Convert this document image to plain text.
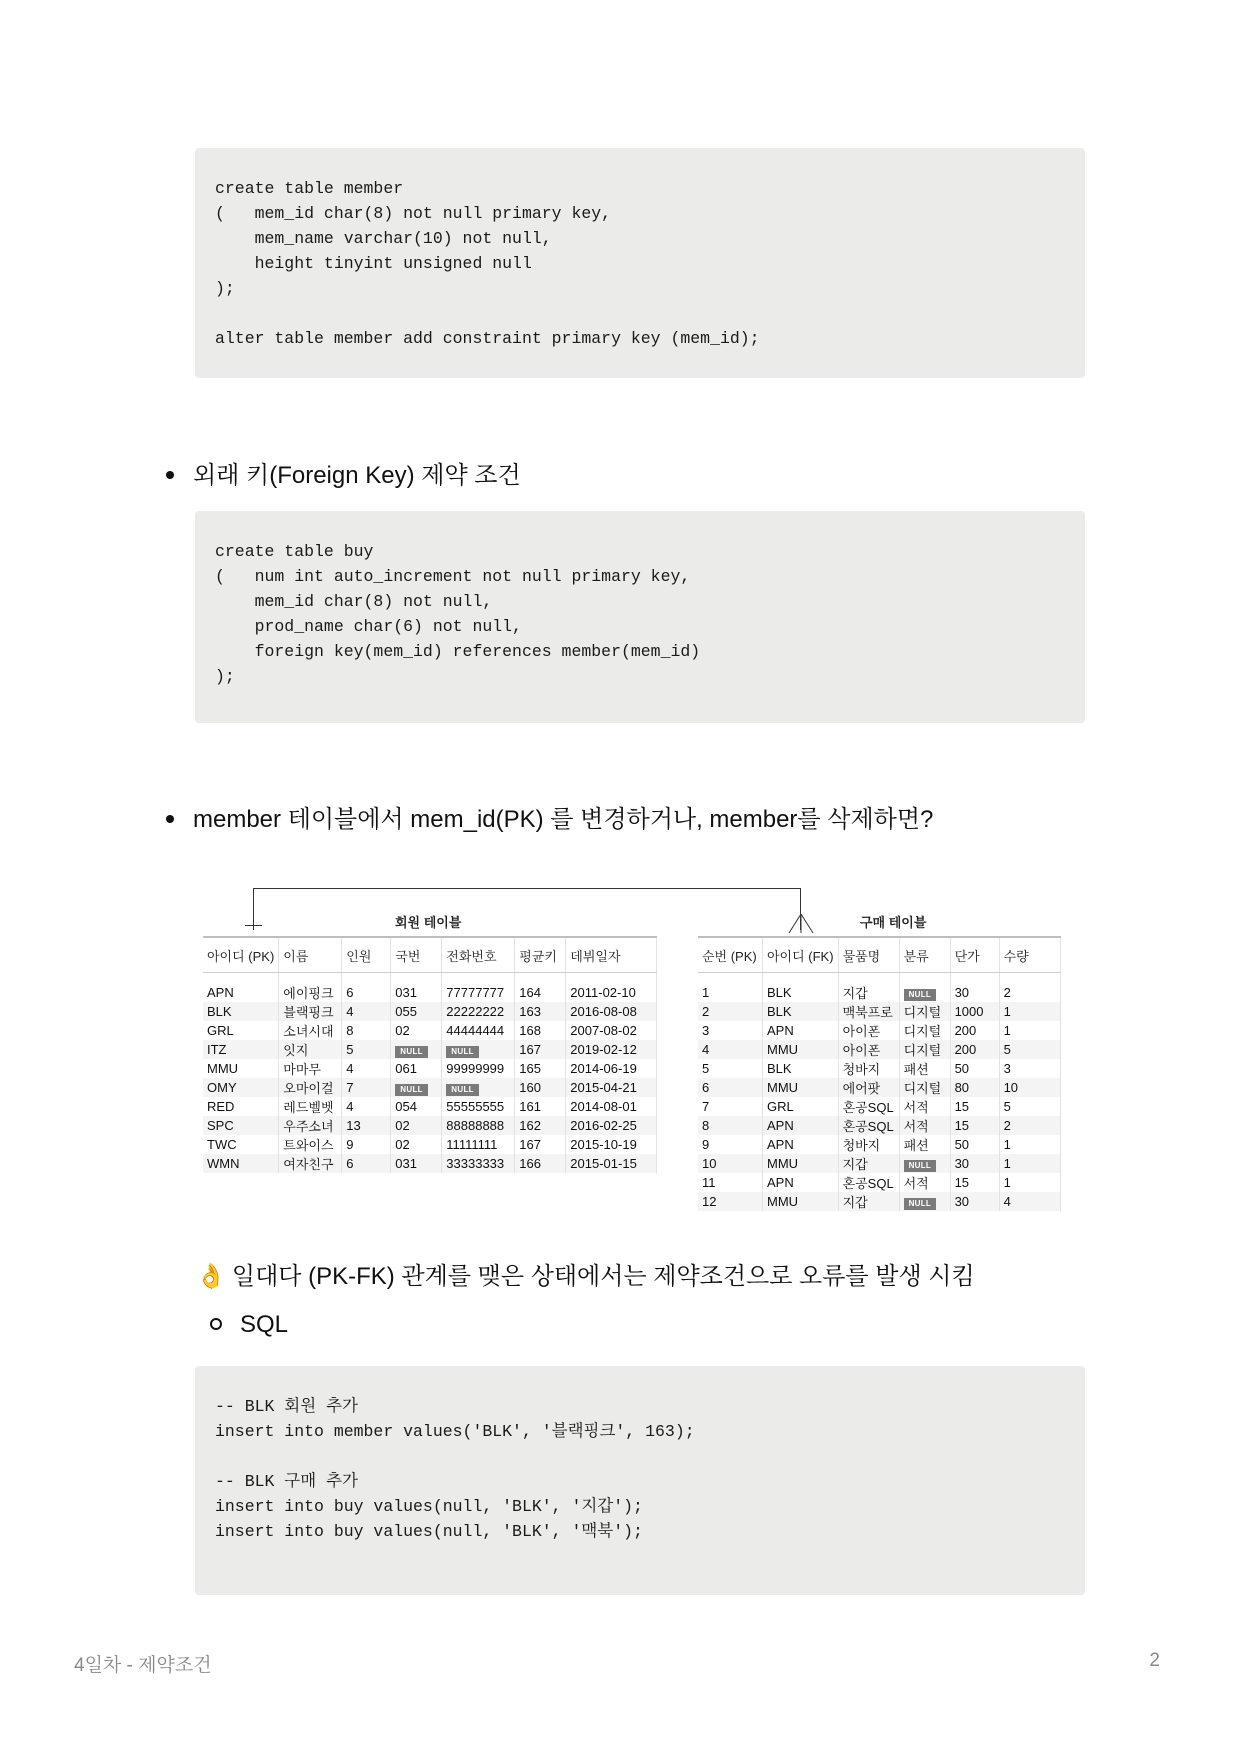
create table member
(   mem_id char(8) not null primary key,
mem_name varchar(10) not null,
height tinyint unsigned null
);
alter table member add constraint primary key (mem_id);
외래 키(Foreign Key) 제약 조건
create table buy
(   num int auto_increment not null primary key,
mem_id char(8) not null,
prod_name char(6) not null,
foreign key(mem_id) references member(mem_id)
);
member 테이블에서 mem_id(PK) 를 변경하거나, member를 삭제하면?
회원 테이블	구매 테이블
아이디 (PK)	이름	인원	국번	전화번호	평균키	데뷔일자

APN	에이핑크	6	031	77777777	164	2011-02-10
BLK	블랙핑크	4	055	22222222	163	2016-08-08
GRL	소녀시대	8	02	44444444	168	2007-08-02
ITZ	잇지	5	NULL	NULL	167	2019-02-12
MMU	마마무	4	061	99999999	165	2014-06-19
OMY	오마이걸	7	NULL	NULL	160	2015-04-21
RED	레드벨벳	4	054	55555555	161	2014-08-01
SPC	우주소녀	13	02	88888888	162	2016-02-25
TWC	트와이스	9	02	11111111	167	2015-10-19
WMN	여자친구	6	031	33333333	166	2015-01-15
순번 (PK)	아이디 (FK)	물품명	분류	단가	수량

1	BLK	지갑	NULL	30	2
2	BLK	맥북프로	디지털	1000	1
3	APN	아이폰	디지털	200	1
4	MMU	아이폰	디지털	200	5
5	BLK	청바지	패션	50	3
6	MMU	에어팟	디지털	80	10
7	GRL	혼공SQL	서적	15	5
8	APN	혼공SQL	서적	15	2
9	APN	청바지	패션	50	1
10	MMU	지갑	NULL	30	1
11	APN	혼공SQL	서적	15	1
12	MMU	지갑	NULL	30	4
👌 일대다 (PK-FK) 관계를 맺은 상태에서는 제약조건으로 오류를 발생 시킴
SQL
-- BLK 회원 추가
insert into member values('BLK', '블랙핑크', 163);
-- BLK 구매 추가
insert into buy values(null, 'BLK', '지갑');
insert into buy values(null, 'BLK', '맥북');
4일차 - 제약조건	2
